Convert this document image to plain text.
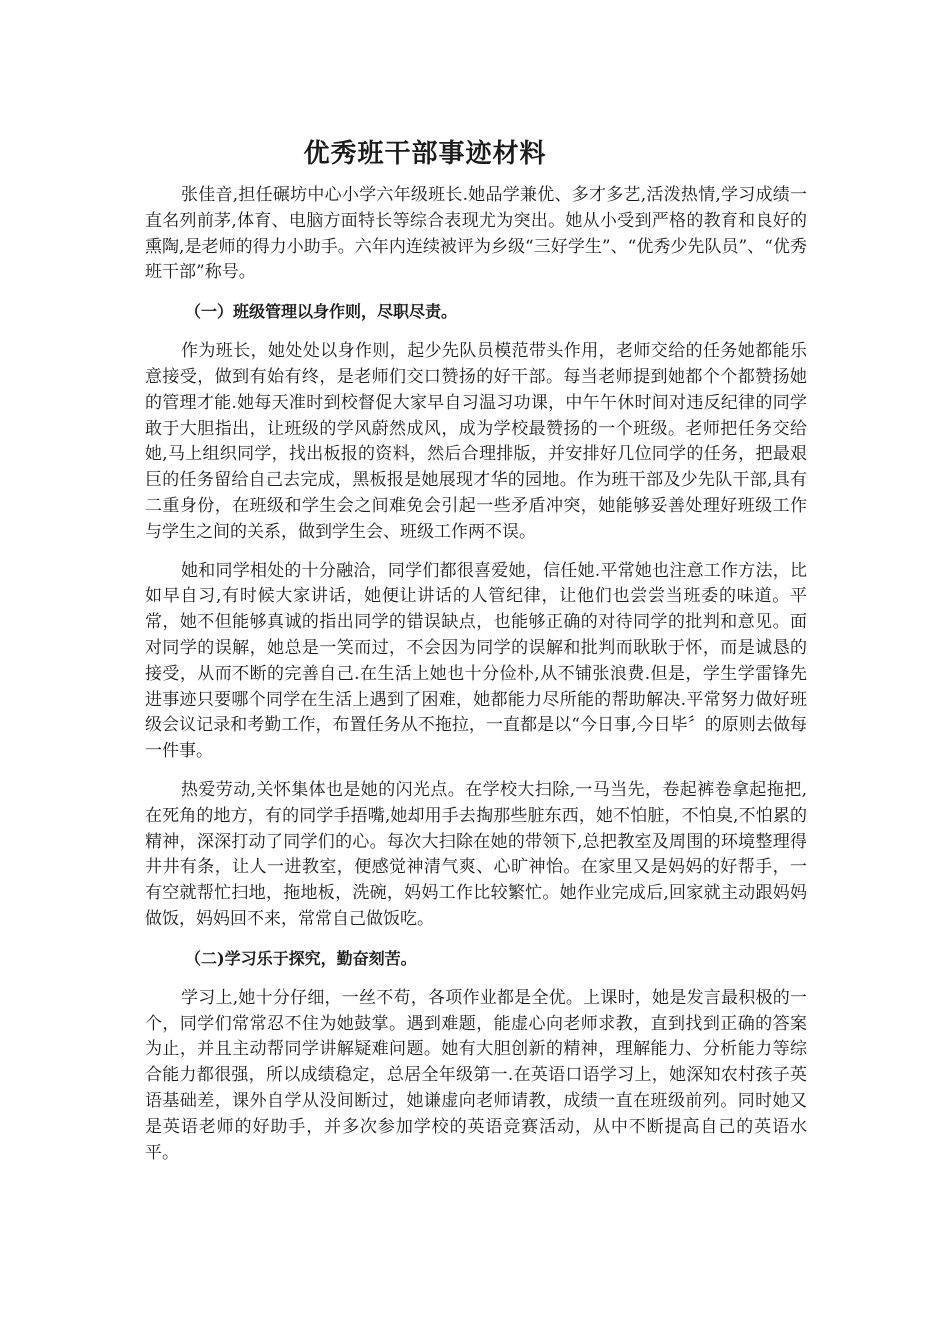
优秀班干部事迹材料

张佳音,担任碾坊中心小学六年级班长.她品学兼优、多才多艺,活泼热情,学习成绩一直名列前茅,体育、电脑方面特长等综合表现尤为突出。她从小受到严格的教育和良好的熏陶,是老师的得力小助手。六年内连续被评为乡级“三好学生”、“优秀少先队员”、“优秀班干部”称号。

（一）班级管理以身作则，尽职尽责。

作为班长，她处处以身作则，起少先队员模范带头作用，老师交给的任务她都能乐意接受，做到有始有终，是老师们交口赞扬的好干部。每当老师提到她都个个都赞扬她的管理才能.她每天准时到校督促大家早自习温习功课，中午午休时间对违反纪律的同学敢于大胆指出，让班级的学风蔚然成风，成为学校最赞扬的一个班级。老师把任务交给她,马上组织同学，找出板报的资料，然后合理排版，并安排好几位同学的任务，把最艰巨的任务留给自己去完成，黑板报是她展现才华的园地。作为班干部及少先队干部,具有二重身份，在班级和学生会之间难免会引起一些矛盾冲突，她能够妥善处理好班级工作与学生之间的关系，做到学生会、班级工作两不误。

她和同学相处的十分融洽，同学们都很喜爱她，信任她.平常她也注意工作方法，比如早自习,有时候大家讲话，她便让讲话的人管纪律，让他们也尝尝当班委的味道。平常，她不但能够真诚的指出同学的错误缺点，也能够正确的对待同学的批判和意见。面对同学的误解，她总是一笑而过，不会因为同学的误解和批判而耿耿于怀，而是诚恳的接受，从而不断的完善自己.在生活上她也十分俭朴,从不铺张浪费.但是，学生学雷锋先进事迹只要哪个同学在生活上遇到了困难，她都能力尽所能的帮助解决.平常努力做好班级会议记录和考勤工作，布置任务从不拖拉，一直都是以“今日事,今日毕〞的原则去做每一件事。

热爱劳动,关怀集体也是她的闪光点。在学校大扫除,一马当先，卷起裤卷拿起拖把,在死角的地方，有的同学手捂嘴,她却用手去掏那些脏东西，她不怕脏，不怕臭,不怕累的精神，深深打动了同学们的心。每次大扫除在她的带领下,总把教室及周围的环境整理得井井有条，让人一进教室，便感觉神清气爽、心旷神怡。在家里又是妈妈的好帮手，一有空就帮忙扫地，拖地板，洗碗，妈妈工作比较繁忙。她作业完成后,回家就主动跟妈妈做饭，妈妈回不来，常常自己做饭吃。

（二)学习乐于探究，勤奋刻苦。

学习上,她十分仔细，一丝不苟，各项作业都是全优。上课时，她是发言最积极的一个，同学们常常忍不住为她鼓掌。遇到难题，能虚心向老师求教，直到找到正确的答案为止，并且主动帮同学讲解疑难问题。她有大胆创新的精神，理解能力、分析能力等综合能力都很强，所以成绩稳定，总居全年级第一.在英语口语学习上，她深知农村孩子英语基础差，课外自学从没间断过，她谦虚向老师请教，成绩一直在班级前列。同时她又是英语老师的好助手，并多次参加学校的英语竞赛活动，从中不断提高自己的英语水平。
